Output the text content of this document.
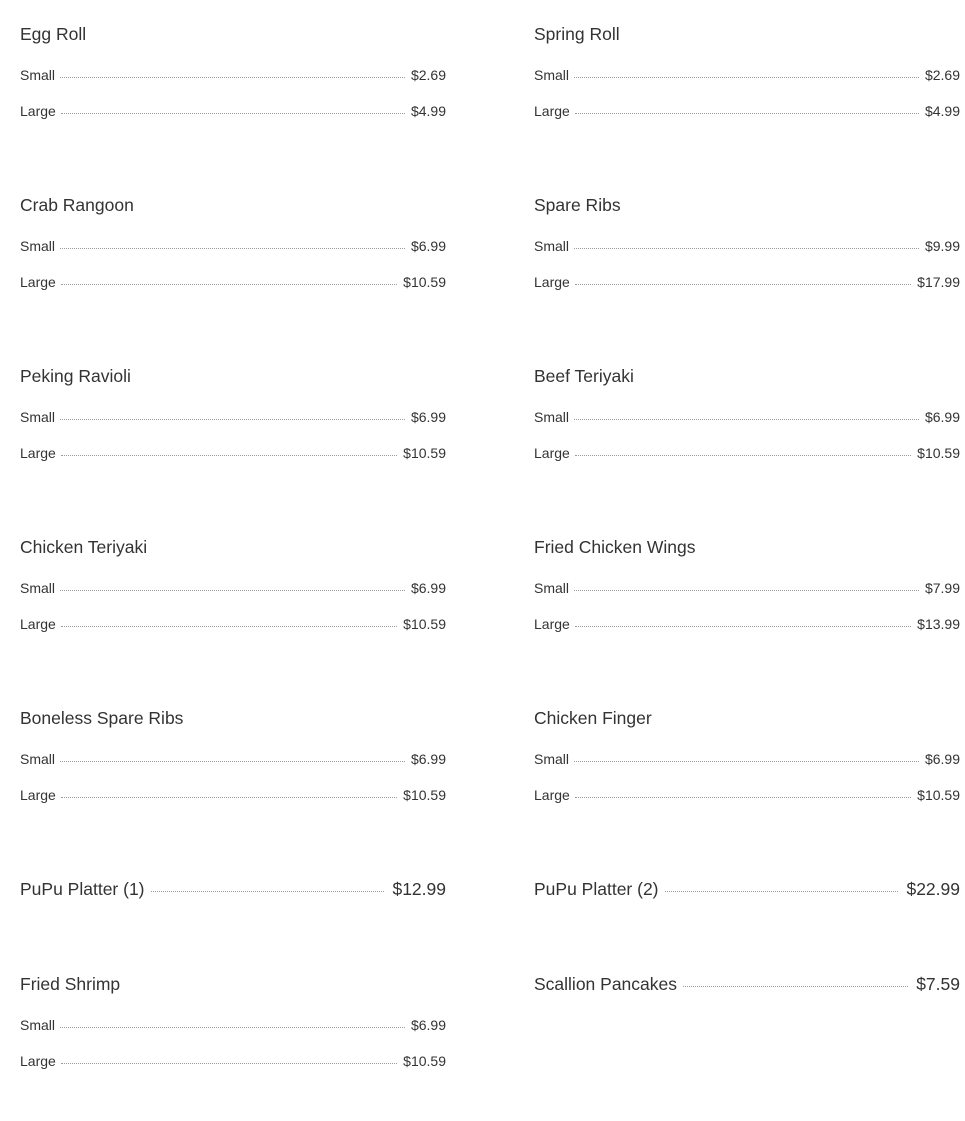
Egg Roll
Small	$2.69
Large	$4.99
Crab Rangoon
Small	$6.99
Large	$10.59
Peking Ravioli
Small	$6.99
Large	$10.59
Chicken Teriyaki
Small	$6.99
Large	$10.59
Boneless Spare Ribs
Small	$6.99
Large	$10.59
PuPu Platter (1)	$12.99
Fried Shrimp
Small	$6.99
Large	$10.59
Spring Roll
Small	$2.69
Large	$4.99
Spare Ribs
Small	$9.99
Large	$17.99
Beef Teriyaki
Small	$6.99
Large	$10.59
Fried Chicken Wings
Small	$7.99
Large	$13.99
Chicken Finger
Small	$6.99
Large	$10.59
PuPu Platter (2)	$22.99
Scallion Pancakes	$7.59
